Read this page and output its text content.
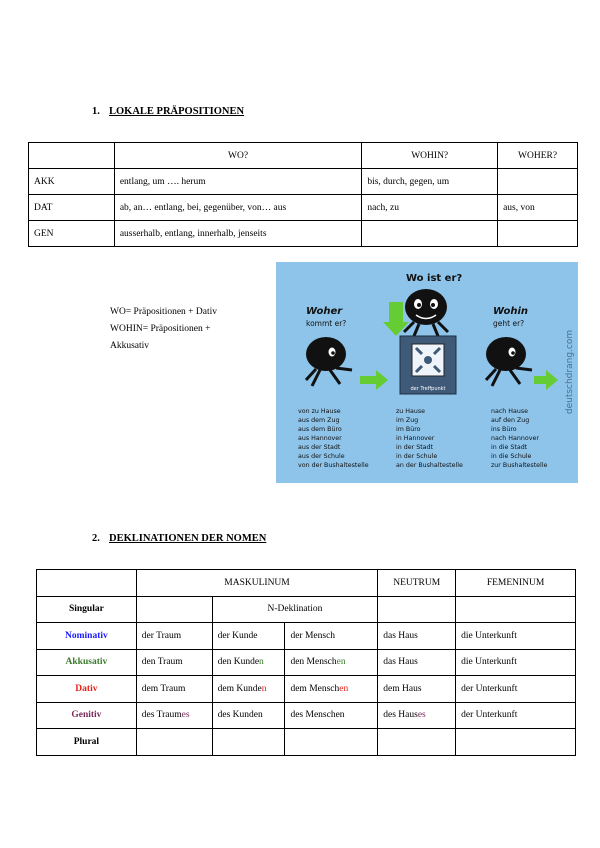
1. LOKALE PRÄPOSITIONEN
	WO?	WOHIN?	WOHER?
AKK	entlang, um …. herum	bis, durch, gegen, um	
DAT	ab, an… entlang, bei, gegenüber, von… aus	nach, zu	aus, von
GEN	ausserhalb, entlang, innerhalb, jenseits		
WO= Präpositionen + Dativ
WOHIN= Präpositionen +
Akkusativ	deutschdrang.com
Wo ist er?
Woher
kommt er?
Wohin
geht er?
der Treffpunkt
von zu Hause
aus dem Zug
aus dem Büro
aus Hannover
aus der Stadt
aus der Schule
von der Bushaltestelle
zu Hause
im Zug
im Büro
in Hannover
in der Stadt
in der Schule
an der Bushaltestelle
nach Hause
auf den Zug
ins Büro
nach Hannover
in die Stadt
in die Schule
zur Bushaltestelle
2. DEKLINATIONEN DER NOMEN
	MASKULINUM			NEUTRUM	FEMENINUM
Singular		N-Deklination			
Nominativ	der Traum	der Kunde	der Mensch	das Haus	die Unterkunft
Akkusativ	den Traum	den Kunden	den Menschen	das Haus	die Unterkunft
Dativ	dem Traum	dem Kunden	dem Menschen	dem Haus	der Unterkunft
Genitiv	des Traumes	des Kunden	des Menschen	des Hauses	der Unterkunft
Plural					
